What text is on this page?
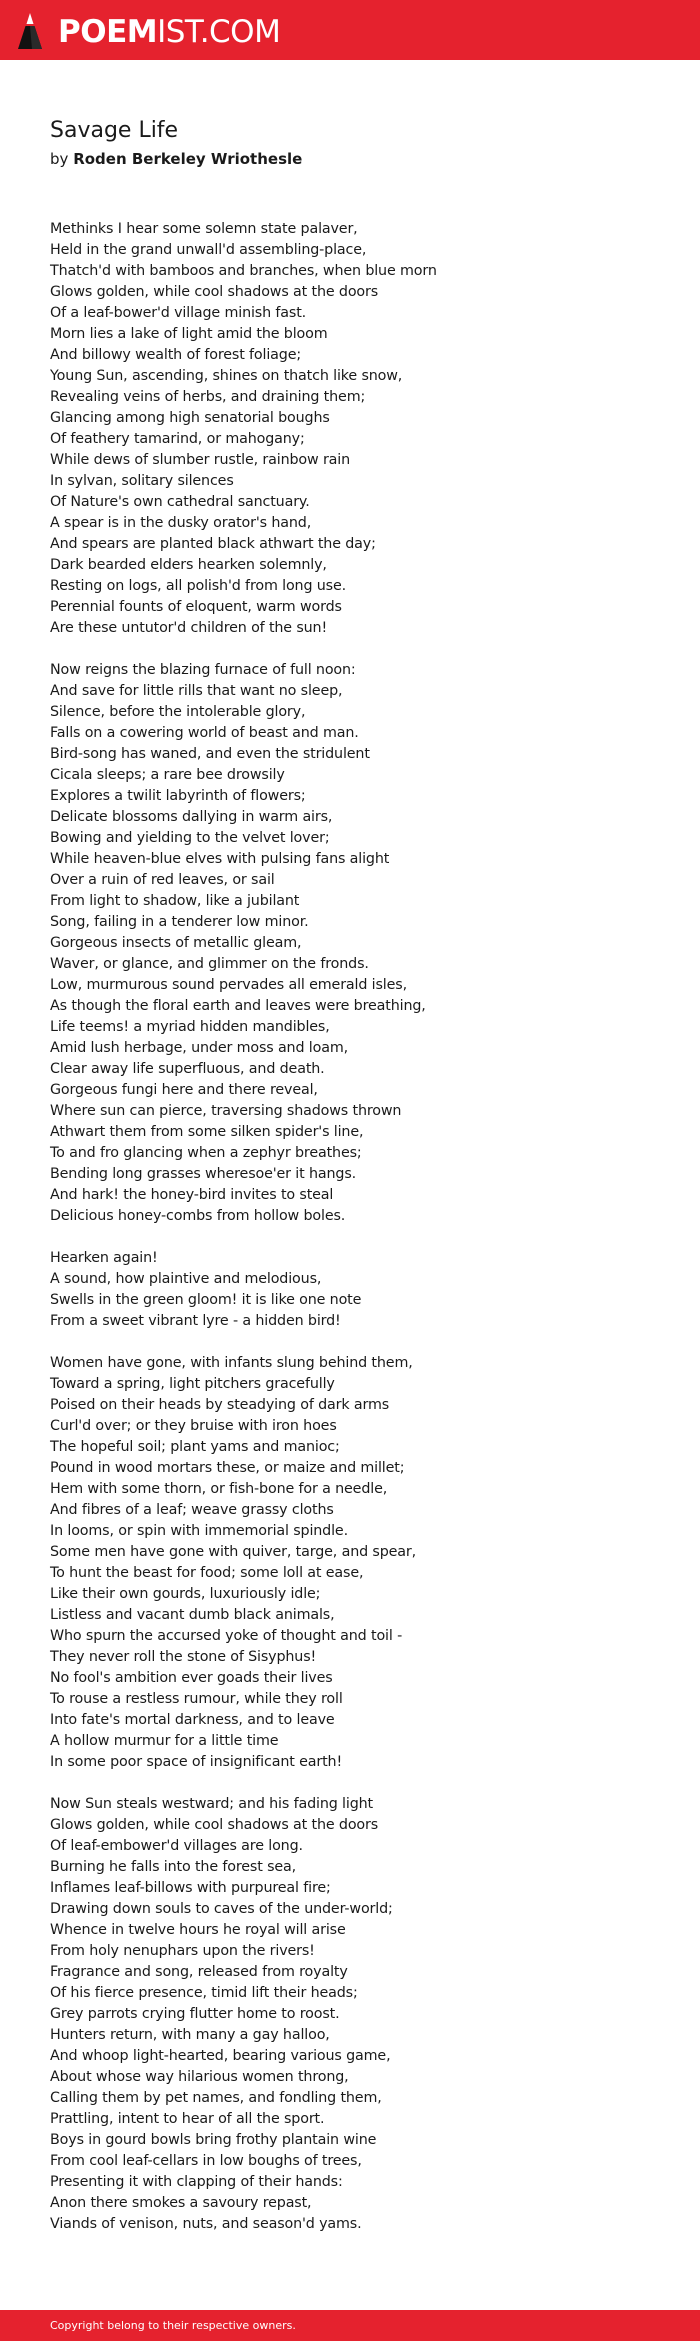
POEMIST.COM
Savage Life
by Roden Berkeley Wriothesle
Methinks I hear some solemn state palaver,
Held in the grand unwall'd assembling-place,
Thatch'd with bamboos and branches, when blue morn
Glows golden, while cool shadows at the doors
Of a leaf-bower'd village minish fast.
Morn lies a lake of light amid the bloom
And billowy wealth of forest foliage;
Young Sun, ascending, shines on thatch like snow,
Revealing veins of herbs, and draining them;
Glancing among high senatorial boughs
Of feathery tamarind, or mahogany;
While dews of slumber rustle, rainbow rain
In sylvan, solitary silences
Of Nature's own cathedral sanctuary.
A spear is in the dusky orator's hand,
And spears are planted black athwart the day;
Dark bearded elders hearken solemnly,
Resting on logs, all polish'd from long use.
Perennial founts of eloquent, warm words
Are these untutor'd children of the sun!
Now reigns the blazing furnace of full noon:
And save for little rills that want no sleep,
Silence, before the intolerable glory,
Falls on a cowering world of beast and man.
Bird-song has waned, and even the stridulent
Cicala sleeps; a rare bee drowsily
Explores a twilit labyrinth of flowers;
Delicate blossoms dallying in warm airs,
Bowing and yielding to the velvet lover;
While heaven-blue elves with pulsing fans alight
Over a ruin of red leaves, or sail
From light to shadow, like a jubilant
Song, failing in a tenderer low minor.
Gorgeous insects of metallic gleam,
Waver, or glance, and glimmer on the fronds.
Low, murmurous sound pervades all emerald isles,
As though the floral earth and leaves were breathing,
Life teems! a myriad hidden mandibles,
Amid lush herbage, under moss and loam,
Clear away life superfluous, and death.
Gorgeous fungi here and there reveal,
Where sun can pierce, traversing shadows thrown
Athwart them from some silken spider's line,
To and fro glancing when a zephyr breathes;
Bending long grasses wheresoe'er it hangs.
And hark! the honey-bird invites to steal
Delicious honey-combs from hollow boles.
Hearken again!
A sound, how plaintive and melodious,
Swells in the green gloom! it is like one note
From a sweet vibrant lyre - a hidden bird!
Women have gone, with infants slung behind them,
Toward a spring, light pitchers gracefully
Poised on their heads by steadying of dark arms
Curl'd over; or they bruise with iron hoes
The hopeful soil; plant yams and manioc;
Pound in wood mortars these, or maize and millet;
Hem with some thorn, or fish-bone for a needle,
And fibres of a leaf; weave grassy cloths
In looms, or spin with immemorial spindle.
Some men have gone with quiver, targe, and spear,
To hunt the beast for food; some loll at ease,
Like their own gourds, luxuriously idle;
Listless and vacant dumb black animals,
Who spurn the accursed yoke of thought and toil -
They never roll the stone of Sisyphus!
No fool's ambition ever goads their lives
To rouse a restless rumour, while they roll
Into fate's mortal darkness, and to leave
A hollow murmur for a little time
In some poor space of insignificant earth!
Now Sun steals westward; and his fading light
Glows golden, while cool shadows at the doors
Of leaf-embower'd villages are long.
Burning he falls into the forest sea,
Inflames leaf-billows with purpureal fire;
Drawing down souls to caves of the under-world;
Whence in twelve hours he royal will arise
From holy nenuphars upon the rivers!
Fragrance and song, released from royalty
Of his fierce presence, timid lift their heads;
Grey parrots crying flutter home to roost.
Hunters return, with many a gay halloo,
And whoop light-hearted, bearing various game,
About whose way hilarious women throng,
Calling them by pet names, and fondling them,
Prattling, intent to hear of all the sport.
Boys in gourd bowls bring frothy plantain wine
From cool leaf-cellars in low boughs of trees,
Presenting it with clapping of their hands:
Anon there smokes a savoury repast,
Viands of venison, nuts, and season'd yams.
Copyright belong to their respective owners.
